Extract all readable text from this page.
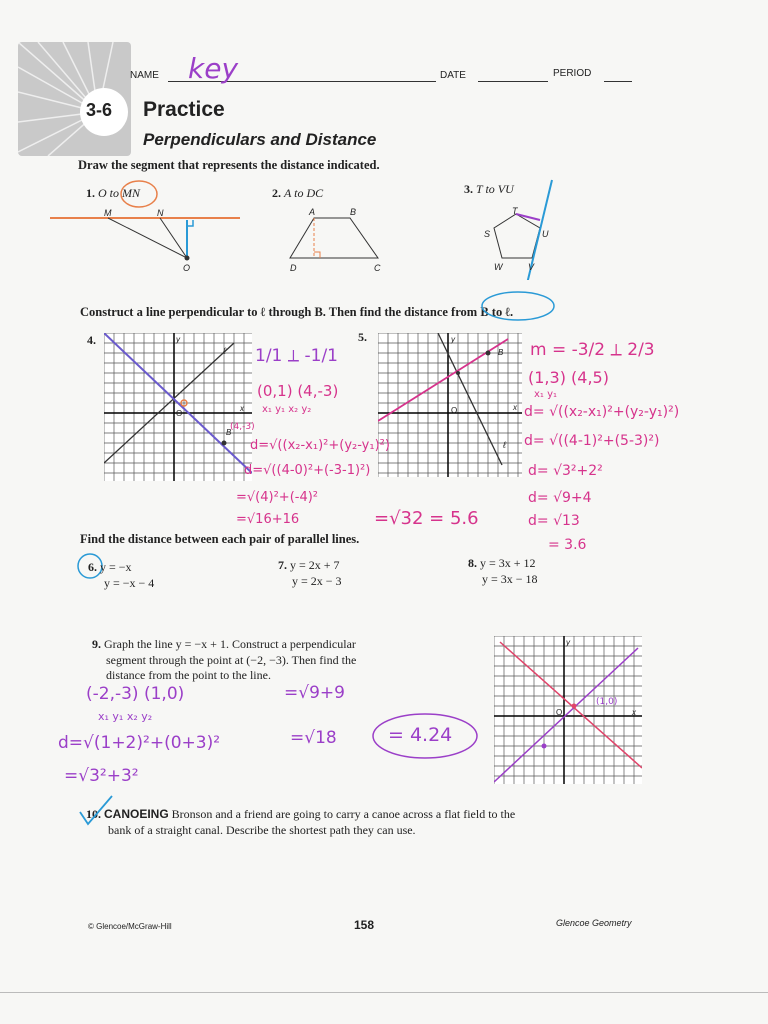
3-6
NAME key	DATE	PERIOD
Practice
Perpendiculars and Distance
Draw the segment that represents the distance indicated.
1. O to MN	2. A to DC	3. T to VU
M	N
O
A	B
D	C
T
S	U
W	V
Construct a line perpendicular to ℓ through B. Then find the distance from B to ℓ.
4.	5.
y
x
O
ℓ
B
y
x
O
ℓ
B
1/1 ⟂ -1/1
(0,1) (4,-3)
x₁ y₁ x₂ y₂
(4,-3)
d=√((x₂-x₁)²+(y₂-y₁)²)
d=√((4-0)²+(-3-1)²)
=√(4)²+(-4)²
=√16+16	=√32 = 5.6
m = -3/2 ⟂ 2/3
(1,3) (4,5)
x₁ y₁
d= √((x₂-x₁)²+(y₂-y₁)²)
d= √((4-1)²+(5-3)²)
d= √3²+2²
d= √9+4
d= √13
= 3.6
Find the distance between each pair of parallel lines.
6. y = −x
y = −x − 4
7. y = 2x + 7
y = 2x − 3
8. y = 3x + 12
y = 3x − 18
9. Graph the line y = −x + 1. Construct a perpendicular
segment through the point at (−2, −3). Then find the
distance from the point to the line.
(-2,-3) (1,0)
x₁ y₁ x₂ y₂
d=√(1+2)²+(0+3)²
=√3²+3²
=√9+9
=√18	= 4.24
y
x
O
(1,0)
10. CANOEING Bronson and a friend are going to carry a canoe across a flat field to the
bank of a straight canal. Describe the shortest path they can use.
© Glencoe/McGraw-Hill	158	Glencoe Geometry
